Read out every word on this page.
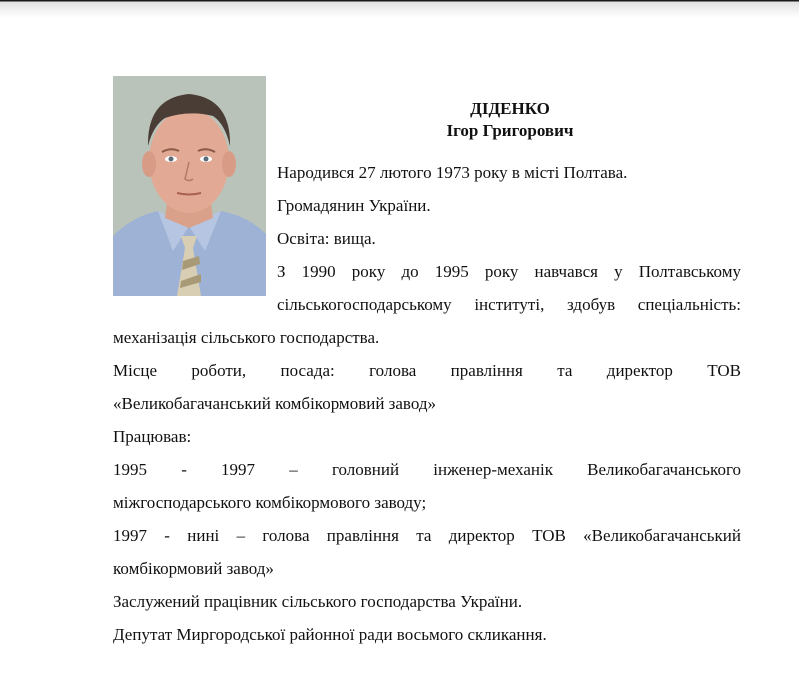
ДІДЕНКО
Ігор Григорович
Народився 27 лютого 1973 року в місті Полтава.
Громадянин України.
Освіта: вища.
З 1990 року до 1995 року навчався у Полтавському
сільськогосподарському інституті, здобув спеціальність:
механізація сільського господарства.
Місце роботи, посада: голова правління та директор ТОВ
«Великобагачанський комбікормовий завод»
Працював:
1995 - 1997 – головний інженер-механік Великобагачанського
міжгосподарського комбікормового заводу;
1997 - нині – голова правління та директор ТОВ «Великобагачанський
комбікормовий завод»
Заслужений працівник сільського господарства України.
Депутат Миргородської районної ради восьмого скликання.
